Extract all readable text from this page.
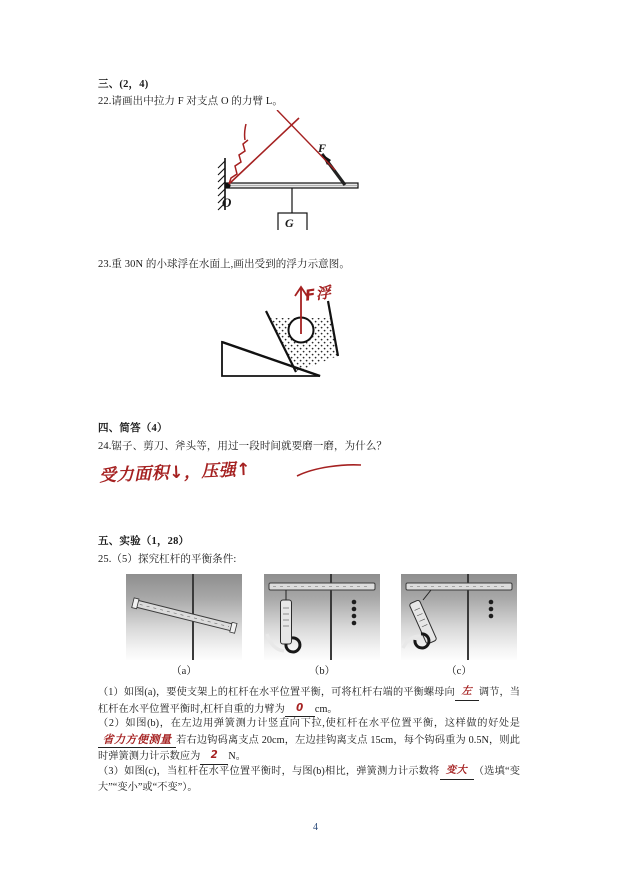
三、(2，4)
22.请画出中拉力 F 对支点 O 的力臂 L。
O
F
G
23.重 30N 的小球浮在水面上,画出受到的浮力示意图。
F浮
四、简答（4）
24.锯子、剪刀、斧头等，用过一段时间就要磨一磨，为什么？
受力面积↓，压强↑
五、实验（1，28）
25.（5）探究杠杆的平衡条件:
（a）	（b）	（c）
（1）如图(a)，要使支架上的杠杆在水平位置平衡，可将杠杆右端的平衡螺母向 左 调节，当杠杆在水平位置平衡时,杠杆自重的力臂为 0 cm。
（2）如图(b)，在左边用弹簧测力计竖直向下拉,使杠杆在水平位置平衡，这样做的好处是省力方便测量 若右边钩码离支点 20cm，左边挂钩离支点 15cm，每个钩码重为 0.5N，则此时弹簧测力计示数应为 2 N。
（3）如图(c)，当杠杆在水平位置平衡时，与图(b)相比，弹簧测力计示数将 变大 （选填“变大”“变小”或“不变”）。
4
